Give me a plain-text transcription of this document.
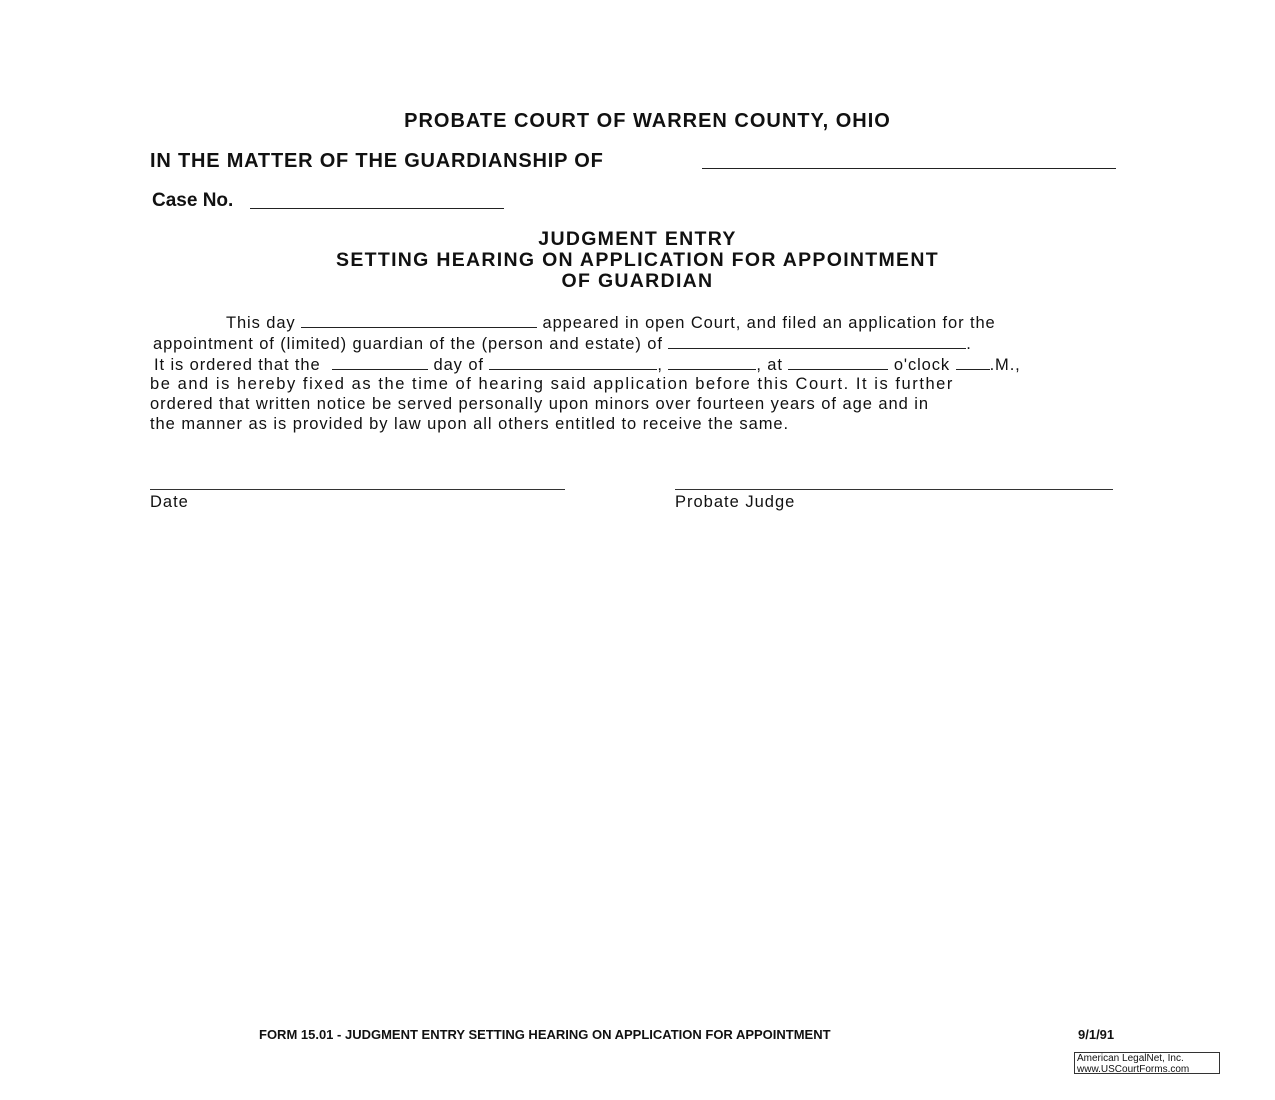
PROBATE COURT OF WARREN COUNTY, OHIO
IN THE MATTER OF THE GUARDIANSHIP OF
Case No.
JUDGMENT ENTRY
SETTING HEARING ON APPLICATION FOR APPOINTMENT
OF GUARDIAN
This day	appeared in open Court, and filed an application for the
appointment of (limited) guardian of the (person and estate) of	.
It is ordered that the	day of	,	, at	o'clock .M.,
be and is hereby fixed as the time of hearing said application before this Court. It is further
ordered that written notice be served personally upon minors over fourteen years of age and in
the manner as is provided by law upon all others entitled to receive the same.
Date	Probate Judge
FORM 15.01 - JUDGMENT ENTRY SETTING HEARING ON APPLICATION FOR APPOINTMENT	9/1/91
American LegalNet, Inc.
www.USCourtForms.com
